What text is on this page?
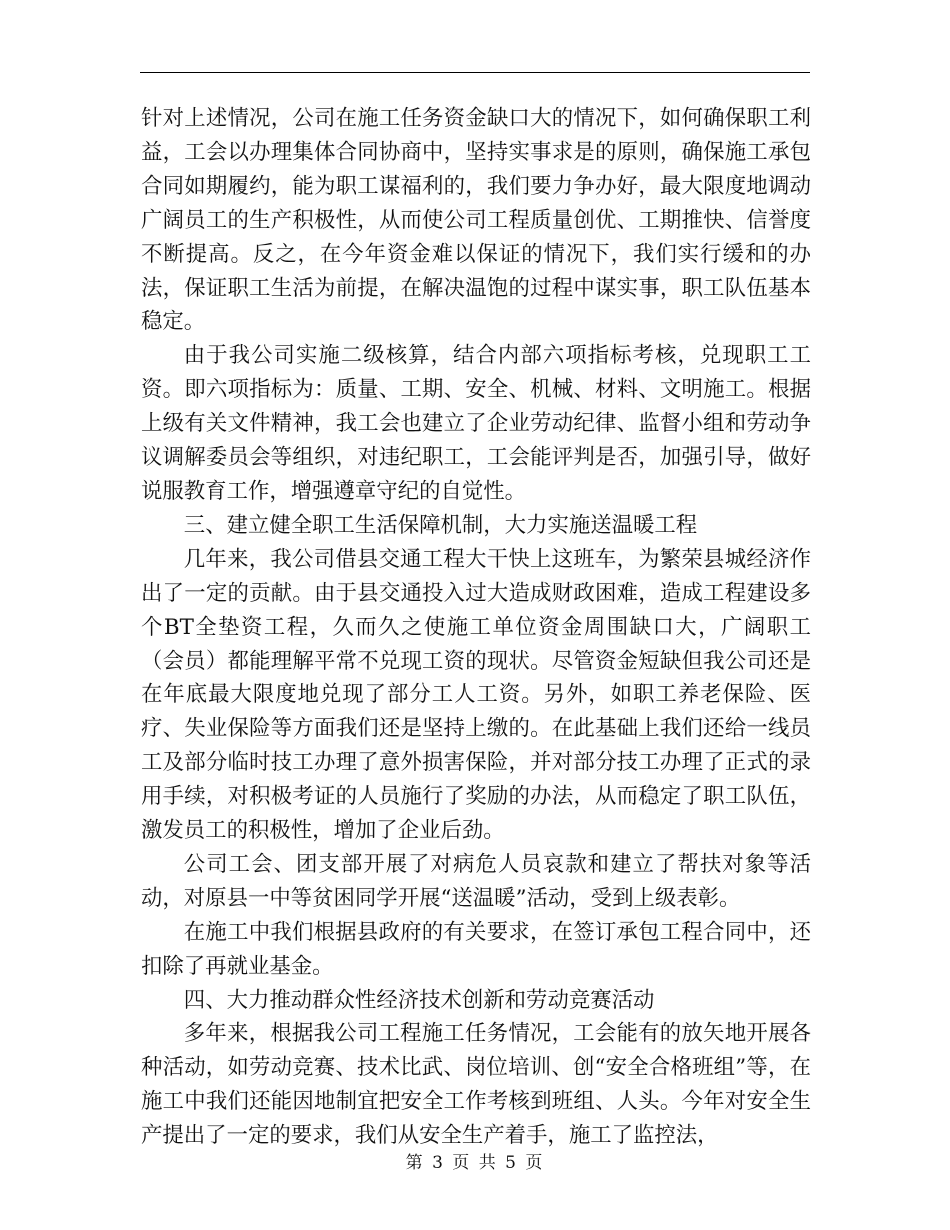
针对上述情况，公司在施工任务资金缺口大的情况下，如何确保职工利益，工会以办理集体合同协商中，坚持实事求是的原则，确保施工承包合同如期履约，能为职工谋福利的，我们要力争办好，最大限度地调动广阔员工的生产积极性，从而使公司工程质量创优、工期推快、信誉度不断提高。反之，在今年资金难以保证的情况下，我们实行缓和的办法，保证职工生活为前提，在解决温饱的过程中谋实事，职工队伍基本稳定。

由于我公司实施二级核算，结合内部六项指标考核，兑现职工工资。即六项指标为：质量、工期、安全、机械、材料、文明施工。根据上级有关文件精神，我工会也建立了企业劳动纪律、监督小组和劳动争议调解委员会等组织，对违纪职工，工会能评判是否，加强引导，做好说服教育工作，增强遵章守纪的自觉性。

三、建立健全职工生活保障机制，大力实施送温暖工程

几年来，我公司借县交通工程大干快上这班车，为繁荣县城经济作出了一定的贡献。由于县交通投入过大造成财政困难，造成工程建设多个BT全垫资工程，久而久之使施工单位资金周围缺口大，广阔职工（会员）都能理解平常不兑现工资的现状。尽管资金短缺但我公司还是在年底最大限度地兑现了部分工人工资。另外，如职工养老保险、医疗、失业保险等方面我们还是坚持上缴的。在此基础上我们还给一线员工及部分临时技工办理了意外损害保险，并对部分技工办理了正式的录用手续，对积极考证的人员施行了奖励的办法，从而稳定了职工队伍，激发员工的积极性，增加了企业后劲。

公司工会、团支部开展了对病危人员哀款和建立了帮扶对象等活动，对原县一中等贫困同学开展“送温暖”活动，受到上级表彰。

在施工中我们根据县政府的有关要求，在签订承包工程合同中，还扣除了再就业基金。

四、大力推动群众性经济技术创新和劳动竞赛活动

多年来，根据我公司工程施工任务情况，工会能有的放矢地开展各种活动，如劳动竞赛、技术比武、岗位培训、创“安全合格班组”等，在施工中我们还能因地制宜把安全工作考核到班组、人头。今年对安全生产提出了一定的要求，我们从安全生产着手，施工了监控法，

第 3 页 共 5 页
